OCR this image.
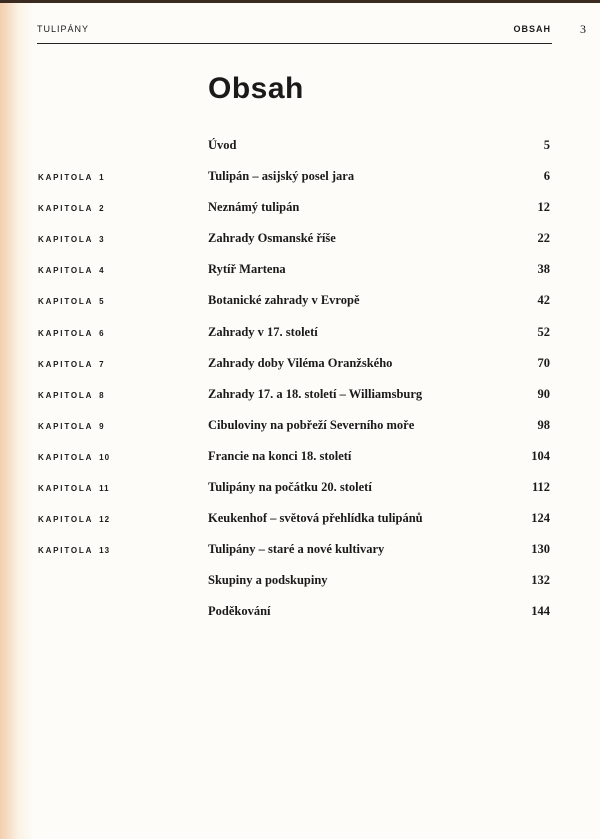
TULIPÁNY	OBSAH 3
Obsah
Úvod	5
KAPITOLA 1	Tulipán – asijský posel jara	6
KAPITOLA 2	Neznámý tulipán	12
KAPITOLA 3	Zahrady Osmanské říše	22
KAPITOLA 4	Rytíř Martena	38
KAPITOLA 5	Botanické zahrady v Evropě	42
KAPITOLA 6	Zahrady v 17. století	52
KAPITOLA 7	Zahrady doby Viléma Oranžského	70
KAPITOLA 8	Zahrady 17. a 18. století – Williamsburg	90
KAPITOLA 9	Cibuloviny na pobřeží Severního moře	98
KAPITOLA 10	Francie na konci 18. století	104
KAPITOLA 11	Tulipány na počátku 20. století	112
KAPITOLA 12	Keukenhof – světová přehlídka tulipánů	124
KAPITOLA 13	Tulipány – staré a nové kultivary	130
Skupiny a podskupiny	132
Poděkování	144
